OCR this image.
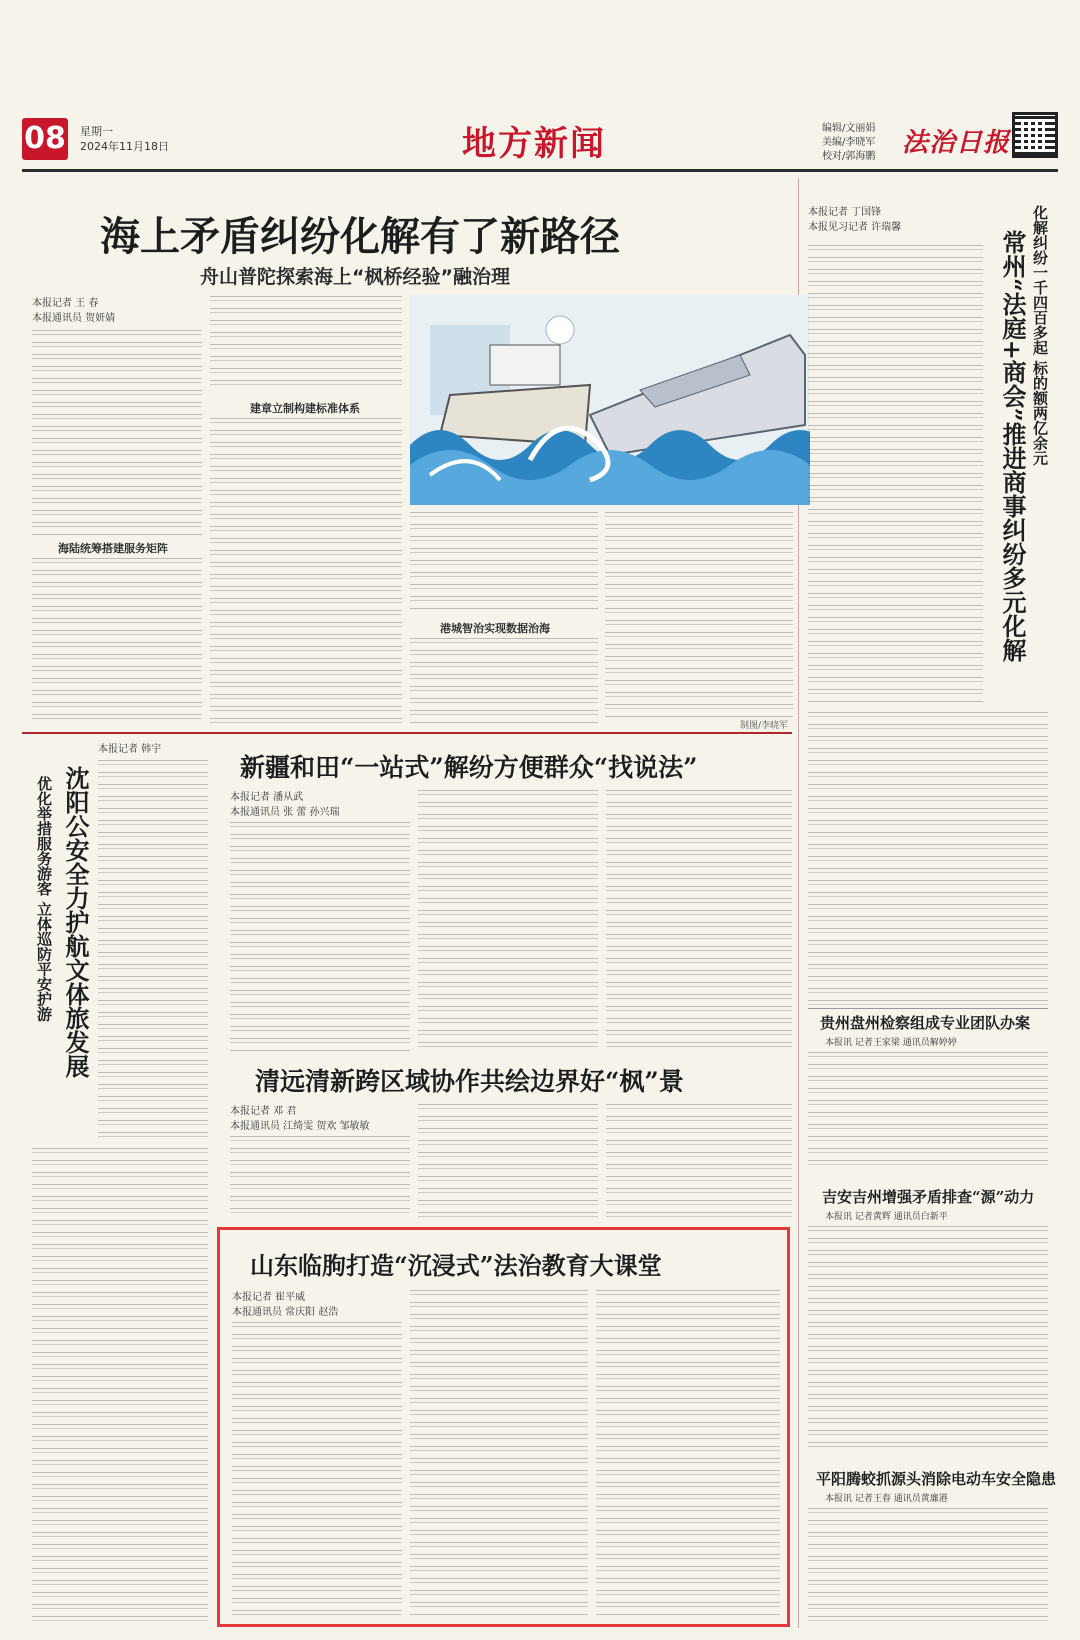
08 星期一
2024年11月18日	地方新闻	编辑/文丽娟
美编/李晓军
校对/郭海鹏 法治日报
海上矛盾纠纷化解有了新路径
舟山普陀探索海上“枫桥经验”融治理
本报记者 王 春
本报通讯员 贺妍婧
海陆统筹搭建服务矩阵
建章立制构建标准体系
港城智治实现数据治海
制图/李晓军
本报记者 丁国锋
本报见习记者 许瑞馨	化解纠纷一千四百多起 标的额两亿余元
常州“法庭+商会”推进商事纠纷多元化解
贵州盘州检察组成专业团队办案
本报讯 记者王家梁 通讯员解婷婷
吉安吉州增强矛盾排查“源”动力
本报讯 记者黄辉 通讯员白新平
平阳腾蛟抓源头消除电动车安全隐患
本报讯 记者王春 通讯员黄廉港
优化举措服务游客 立体巡防平安护游 沈阳公安全力护航文体旅发展
本报记者 韩宇
新疆和田“一站式”解纷方便群众“找说法”
本报记者 潘从武
本报通讯员 张 蕾 孙兴瑞
清远清新跨区域协作共绘边界好“枫”景
本报记者 邓 君
本报通讯员 江绮雯 贺欢 邹敏敏
山东临朐打造“沉浸式”法治教育大课堂
本报记者 崔平威
本报通讯员 常庆阳 赵浩
